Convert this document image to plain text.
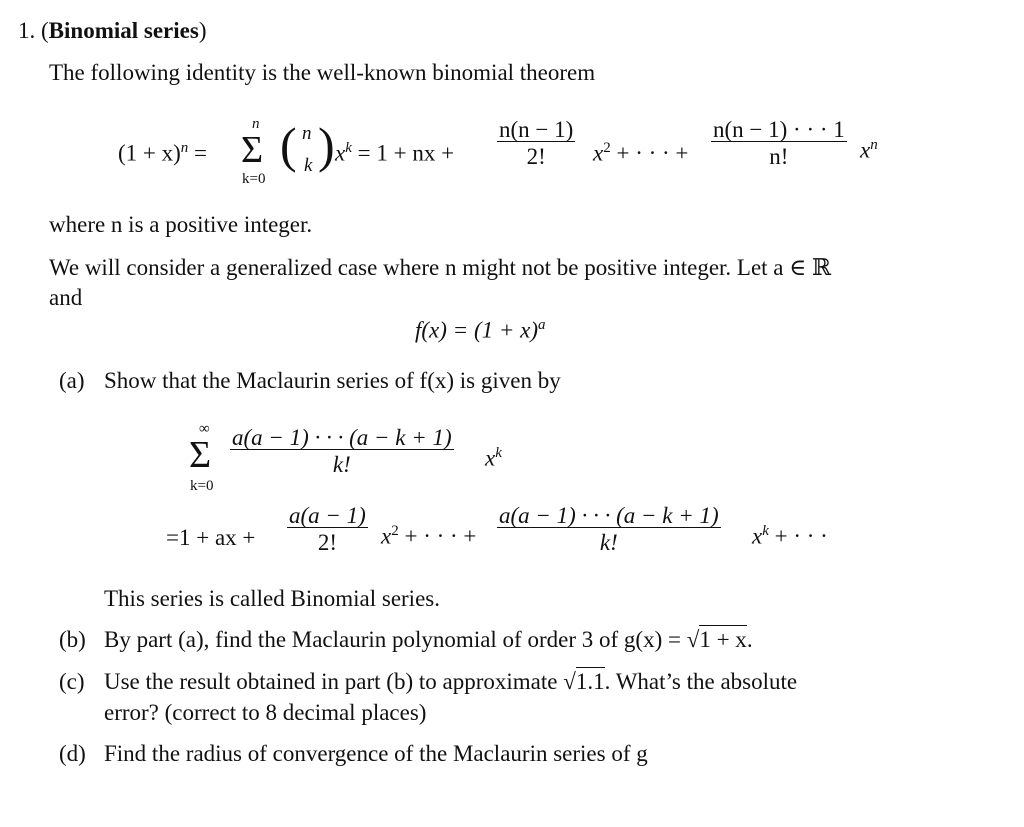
1. (Binomial series)
The following identity is the well-known binomial theorem
$(1 + x)^n$ =
n
Σ
k=0
( n
k ) $x^k = 1$ + nx + $\frac{n(n - 1)}{2!} x^2$ + · · · + $\frac{n(n - 1) \cdot \cdot \cdot 1}{n!} x^n$
where n is a positive integer.
We will consider a generalized case where n might not be positive integer. Let a ∈ ℝ
and
$f(x) = (1 + x)^a$
(a) Show that the Maclaurin series of f(x) is given by
∞
Σ
k=0
$\frac{a(a - 1) \cdot \cdot \cdot (a - k + 1)}{k!} x^k$
=1 + ax + $\frac{a(a - 1)}{2!} x^2$ + · · · + $\frac{a(a - 1) \cdot \cdot \cdot (a - k + 1)}{k!} x^k$ + · · ·
This series is called Binomial series.
(b) By part (a), find the Maclaurin polynomial of order 3 of g(x) = √1 + x.
(c) Use the result obtained in part (b) to approximate √1.1. What’s the absolute
error? (correct to 8 decimal places)
(d) Find the radius of convergence of the Maclaurin series of g
